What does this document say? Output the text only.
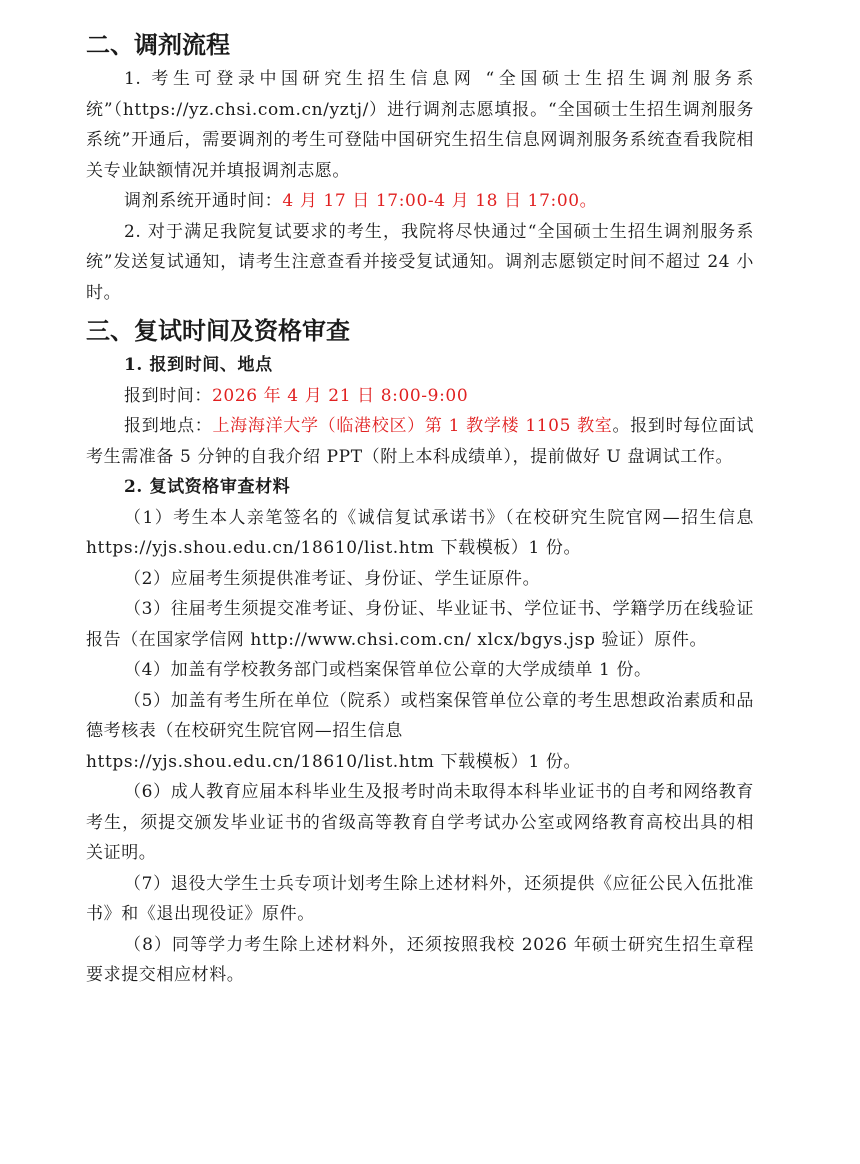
二、调剂流程

1. 考生可登录中国研究生招生信息网 “全国硕士生招生调剂服务系统”（https://yz.chsi.com.cn/yztj/）进行调剂志愿填报。“全国硕士生招生调剂服务系统”开通后，需要调剂的考生可登陆中国研究生招生信息网调剂服务系统查看我院相关专业缺额情况并填报调剂志愿。

调剂系统开通时间：4 月 17 日 17:00-4 月 18 日 17:00。

2. 对于满足我院复试要求的考生，我院将尽快通过“全国硕士生招生调剂服务系统”发送复试通知，请考生注意查看并接受复试通知。调剂志愿锁定时间不超过 24 小时。

三、复试时间及资格审查

1. 报到时间、地点

报到时间：2026 年 4 月 21 日 8:00-9:00

报到地点：上海海洋大学（临港校区）第 1 教学楼 1105 教室。报到时每位面试考生需准备 5 分钟的自我介绍 PPT（附上本科成绩单），提前做好 U 盘调试工作。

2. 复试资格审查材料

（1）考生本人亲笔签名的《诚信复试承诺书》（在校研究生院官网—招生信息 https://yjs.shou.edu.cn/18610/list.htm 下载模板）1 份。

（2）应届考生须提供准考证、身份证、学生证原件。

（3）往届考生须提交准考证、身份证、毕业证书、学位证书、学籍学历在线验证报告（在国家学信网 http://www.chsi.com.cn/ xlcx/bgys.jsp 验证）原件。

（4）加盖有学校教务部门或档案保管单位公章的大学成绩单 1 份。

（5）加盖有考生所在单位（院系）或档案保管单位公章的考生思想政治素质和品德考核表（在校研究生院官网—招生信息

https://yjs.shou.edu.cn/18610/list.htm 下载模板）1 份。

（6）成人教育应届本科毕业生及报考时尚未取得本科毕业证书的自考和网络教育考生，须提交颁发毕业证书的省级高等教育自学考试办公室或网络教育高校出具的相关证明。

（7）退役大学生士兵专项计划考生除上述材料外，还须提供《应征公民入伍批准书》和《退出现役证》原件。

（8）同等学力考生除上述材料外，还须按照我校 2026 年硕士研究生招生章程要求提交相应材料。
